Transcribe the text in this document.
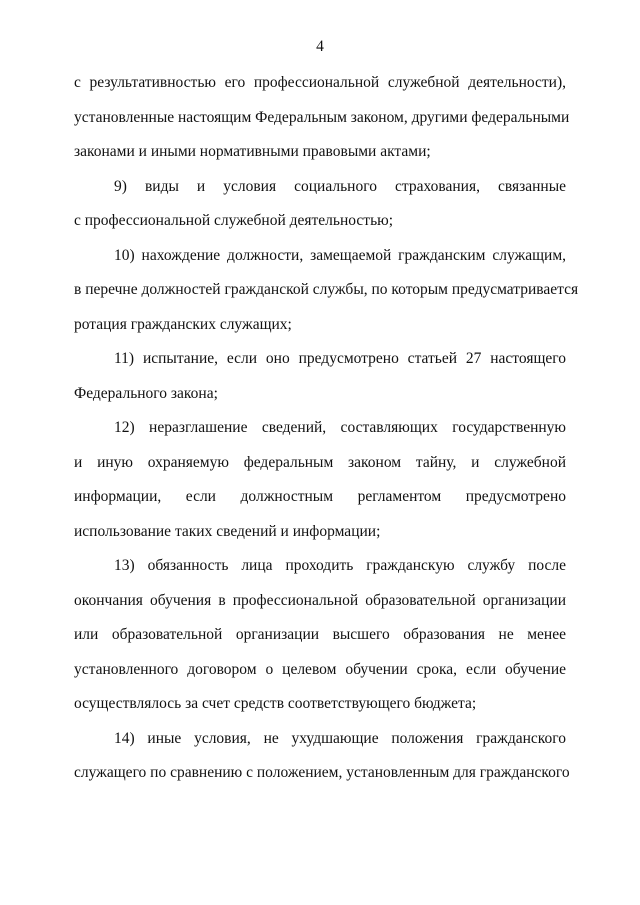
4
с результативностью его профессиональной служебной деятельности),
установленные настоящим Федеральным законом, другими федеральными
законами и иными нормативными правовыми актами;
9) виды и условия социального страхования, связанные
с профессиональной служебной деятельностью;
10) нахождение должности, замещаемой гражданским служащим,
в перечне должностей гражданской службы, по которым предусматривается
ротация гражданских служащих;
11) испытание, если оно предусмотрено статьей 27 настоящего
Федерального закона;
12) неразглашение сведений, составляющих государственную
и иную охраняемую федеральным законом тайну, и служебной
информации, если должностным регламентом предусмотрено
использование таких сведений и информации;
13) обязанность лица проходить гражданскую службу после
окончания обучения в профессиональной образовательной организации
или образовательной организации высшего образования не менее
установленного договором о целевом обучении срока, если обучение
осуществлялось за счет средств соответствующего бюджета;
14) иные условия, не ухудшающие положения гражданского
служащего по сравнению с положением, установленным для гражданского
